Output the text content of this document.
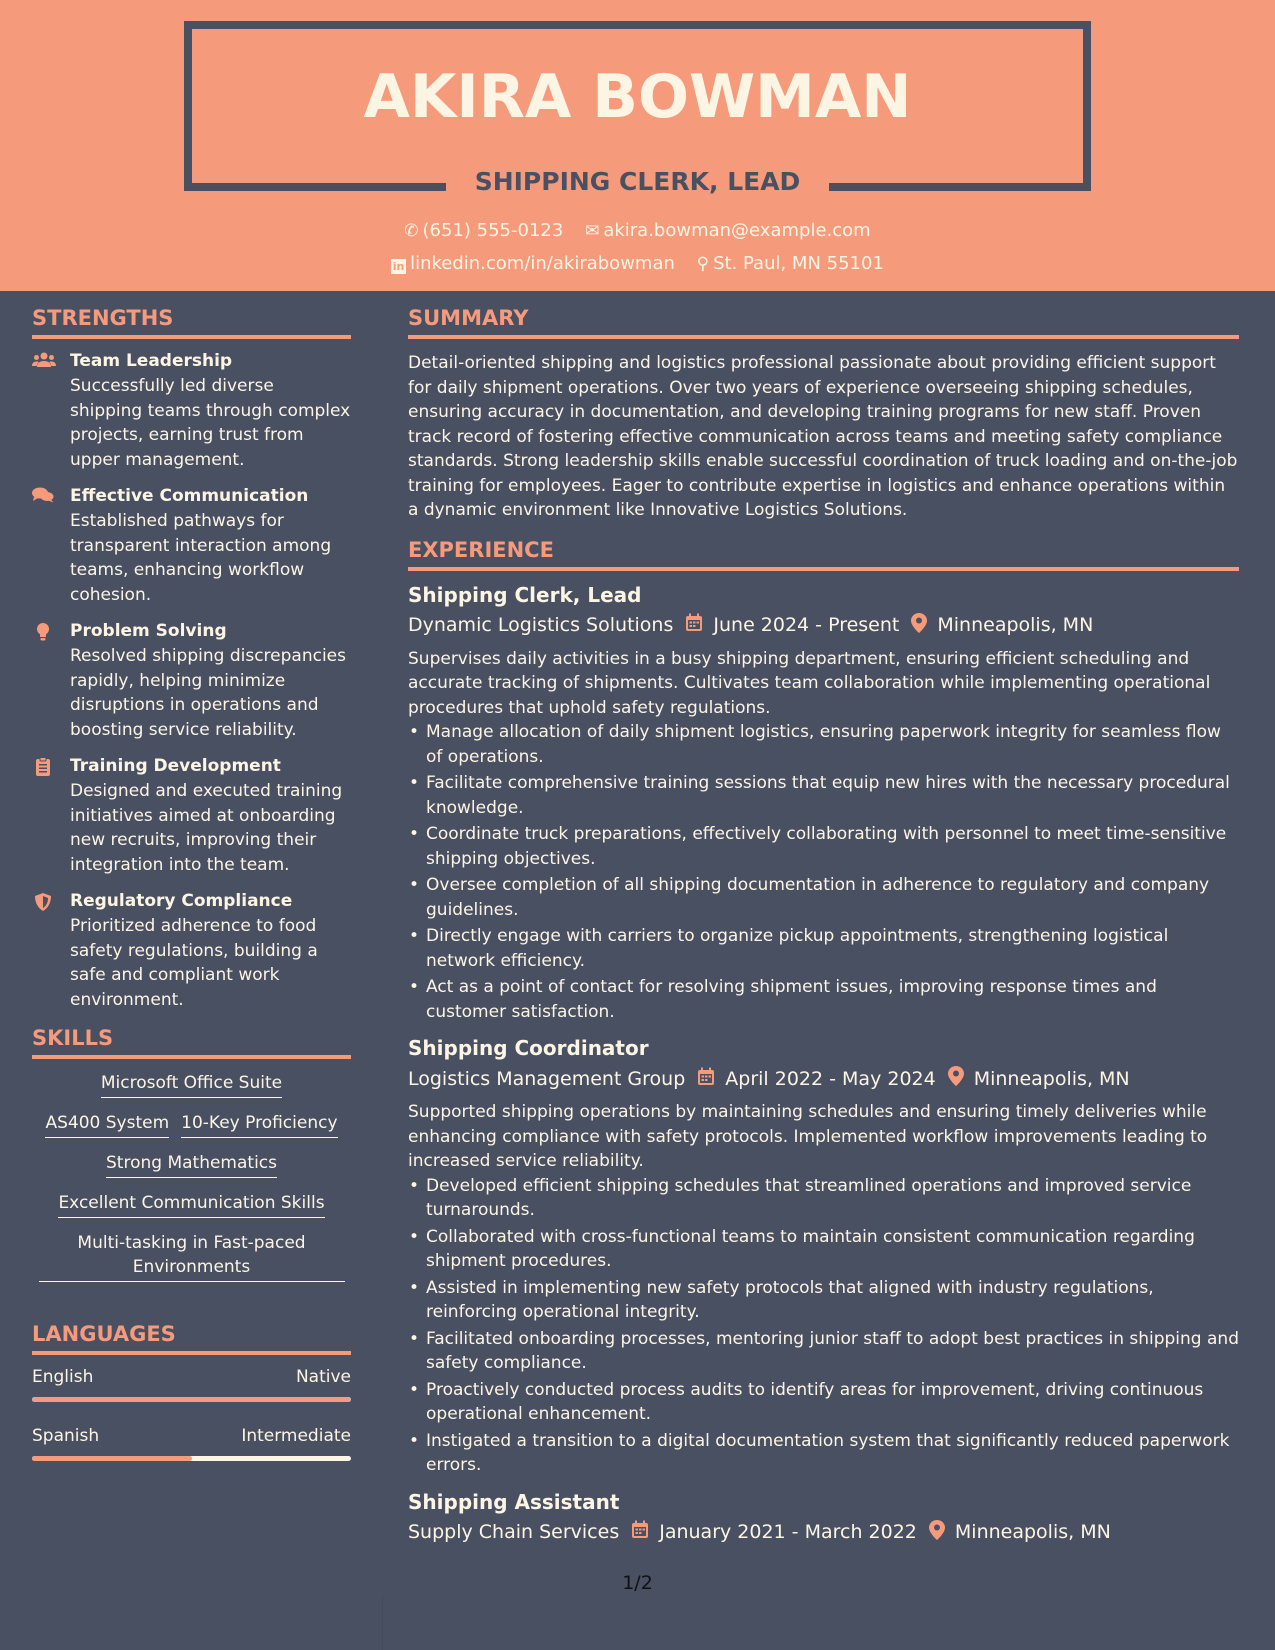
AKIRA BOWMAN
SHIPPING CLERK, LEAD
✆ (651) 555-0123 ✉ akira.bowman@example.com
in linkedin.com/in/akirabowman ⚲ St. Paul, MN 55101
STRENGTHS
Team Leadership
Successfully led diverse shipping teams through complex projects, earning trust from upper management.
Effective Communication
Established pathways for transparent interaction among teams, enhancing workflow cohesion.
Problem Solving
Resolved shipping discrepancies rapidly, helping minimize disruptions in operations and boosting service reliability.
Training Development
Designed and executed training initiatives aimed at onboarding new recruits, improving their integration into the team.
Regulatory Compliance
Prioritized adherence to food safety regulations, building a safe and compliant work environment.
SKILLS
Microsoft Office Suite
AS400 System 10-Key Proficiency
Strong Mathematics
Excellent Communication Skills
Multi-tasking in Fast-paced Environments
LANGUAGES
English	Native
Spanish	Intermediate
SUMMARY
Detail-oriented shipping and logistics professional passionate about providing efficient support for daily shipment operations. Over two years of experience overseeing shipping schedules, ensuring accuracy in documentation, and developing training programs for new staff. Proven track record of fostering effective communication across teams and meeting safety compliance standards. Strong leadership skills enable successful coordination of truck loading and on-the-job training for employees. Eager to contribute expertise in logistics and enhance operations within a dynamic environment like Innovative Logistics Solutions.
EXPERIENCE
Shipping Clerk, Lead
Dynamic Logistics Solutions June 2024 - Present Minneapolis, MN
Supervises daily activities in a busy shipping department, ensuring efficient scheduling and accurate tracking of shipments. Cultivates team collaboration while implementing operational procedures that uphold safety regulations.
• Manage allocation of daily shipment logistics, ensuring paperwork integrity for seamless flow of operations.
• Facilitate comprehensive training sessions that equip new hires with the necessary procedural knowledge.
• Coordinate truck preparations, effectively collaborating with personnel to meet time-sensitive shipping objectives.
• Oversee completion of all shipping documentation in adherence to regulatory and company guidelines.
• Directly engage with carriers to organize pickup appointments, strengthening logistical network efficiency.
• Act as a point of contact for resolving shipment issues, improving response times and customer satisfaction.
Shipping Coordinator
Logistics Management Group April 2022 - May 2024 Minneapolis, MN
Supported shipping operations by maintaining schedules and ensuring timely deliveries while enhancing compliance with safety protocols. Implemented workflow improvements leading to increased service reliability.
• Developed efficient shipping schedules that streamlined operations and improved service turnarounds.
• Collaborated with cross-functional teams to maintain consistent communication regarding shipment procedures.
• Assisted in implementing new safety protocols that aligned with industry regulations, reinforcing operational integrity.
• Facilitated onboarding processes, mentoring junior staff to adopt best practices in shipping and safety compliance.
• Proactively conducted process audits to identify areas for improvement, driving continuous operational enhancement.
• Instigated a transition to a digital documentation system that significantly reduced paperwork errors.
Shipping Assistant
Supply Chain Services January 2021 - March 2022 Minneapolis, MN
1/2
